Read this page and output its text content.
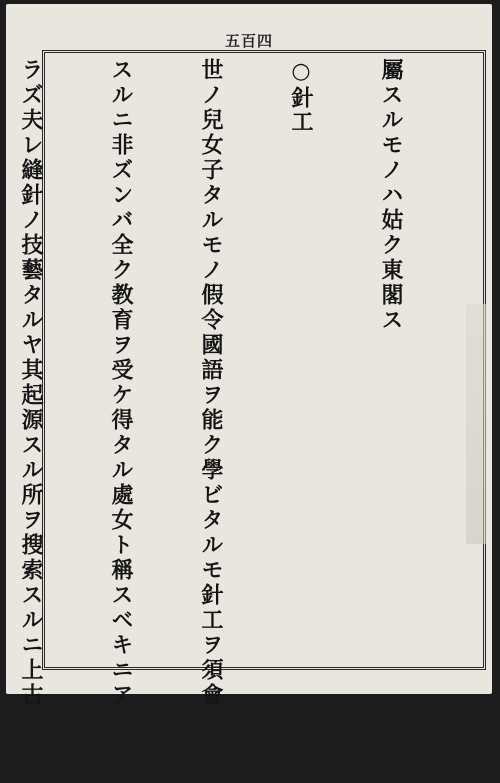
五百四

屬スルモノハ姑ク東閣ス

○針工

世ノ兒女子タルモノ假令國語ヲ能ク學ビタルモ針工ヲ須會

スルニ非ズンバ全ク教育ヲ受ケ得タル處女ト稱スベキニア

ラズ夫レ縫針ノ技藝タルヤ其起源スル所ヲ搜索スルニ上古
